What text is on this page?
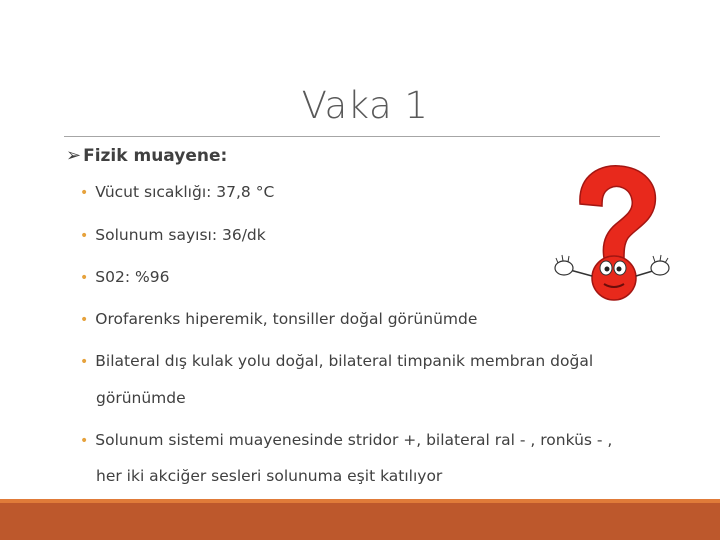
Vaka 1
➢ Fizik muayene:
• Vücut sıcaklığı: 37,8 °C
• Solunum sayısı: 36/dk
• S02: %96
• Orofarenks hiperemik, tonsiller doğal görünümde
• Bilateral dış kulak yolu doğal, bilateral timpanik membran doğal
görünümde
• Solunum sistemi muayenesinde stridor +, bilateral ral - , ronküs - ,
her iki akciğer sesleri solunuma eşit katılıyor
